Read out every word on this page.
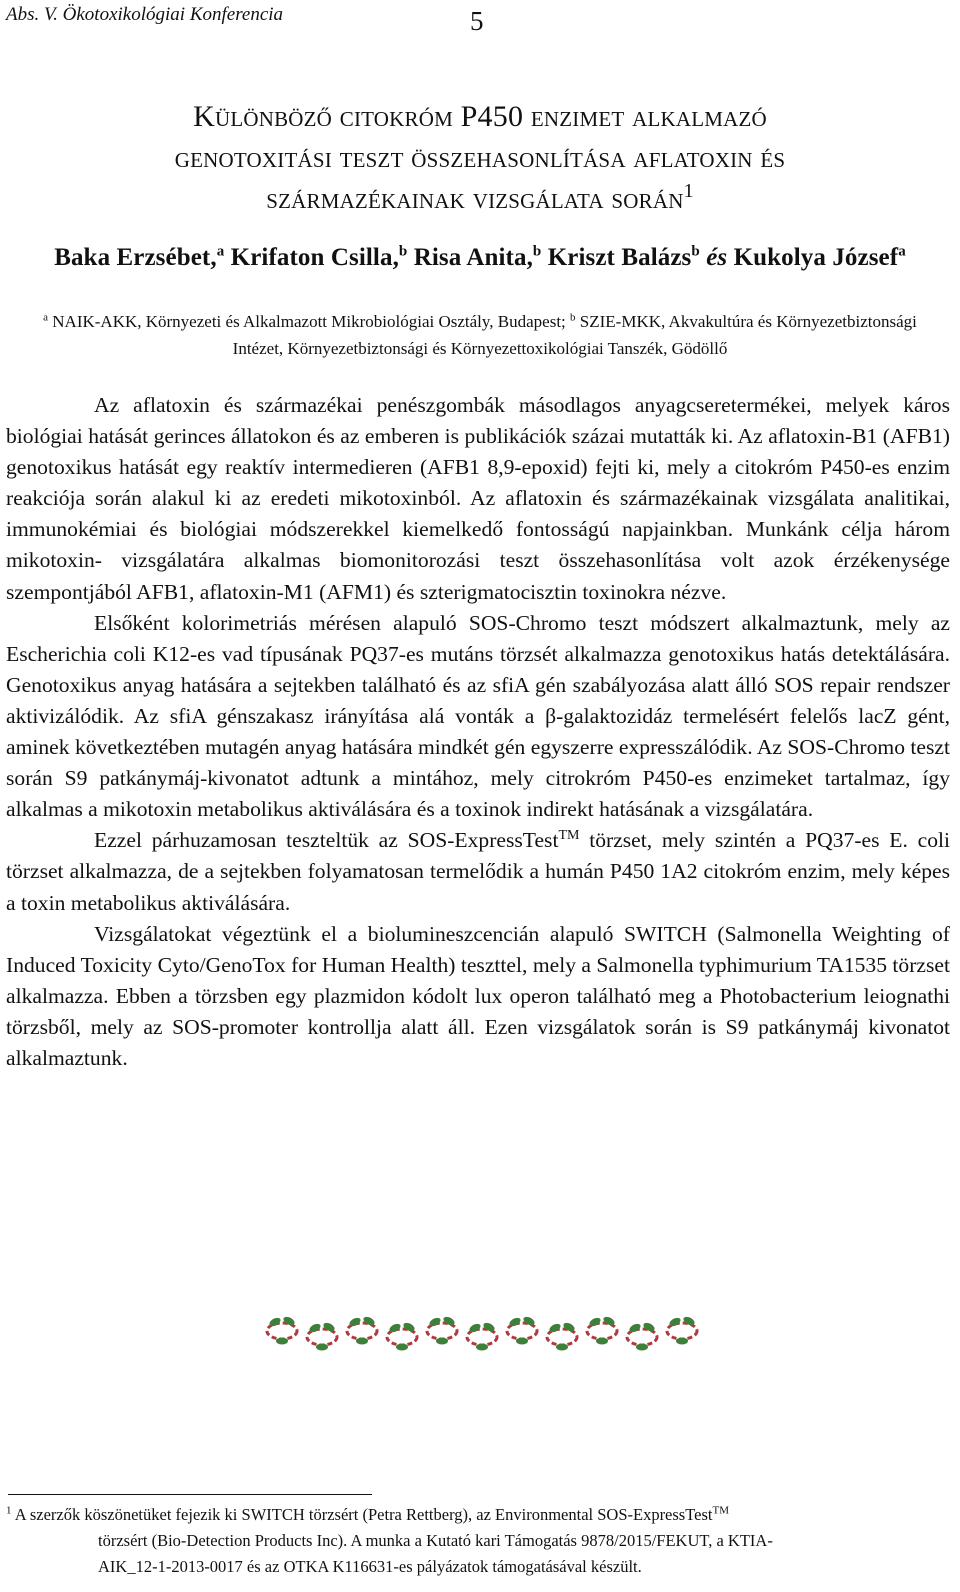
Abs. V. Ökotoxikológiai Konferencia	5
Különböző citokróm P450 enzimet alkalmazó
genotoxitási teszt összehasonlítása aflatoxin és
származékainak vizsgálata során$^1$
Baka Erzsébet,$^a$ Krifaton Csilla,$^b$ Risa Anita,$^b$ Kriszt Balázs$^b$ és Kukolya József$^a$
$^a$ NAIK-AKK, Környezeti és Alkalmazott Mikrobiológiai Osztály, Budapest; $^b$ SZIE-MKK, Akvakultúra és Környezetbiztonsági Intézet, Környezetbiztonsági és Környezettoxikológiai Tanszék, Gödöllő

Az aflatoxin és származékai penészgombák másodlagos anyagcseretermékei, melyek káros biológiai hatását gerinces állatokon és az emberen is publikációk százai mutatták ki. Az aflatoxin-B1 (AFB1) genotoxikus hatását egy reaktív intermedieren (AFB1 8,9-epoxid) fejti ki, mely a citokróm P450-es enzim reakciója során alakul ki az eredeti mikotoxinból. Az aflatoxin és származékainak vizsgálata analitikai, immunokémiai és biológiai módszerekkel kiemelkedő fontosságú napjainkban. Munkánk célja három mikotoxin- vizsgálatára alkalmas biomonitorozási teszt összehasonlítása volt azok érzékenysége szempontjából AFB1, aflatoxin-M1 (AFM1) és szterigmatocisztin toxinokra nézve.

Elsőként kolorimetriás mérésen alapuló SOS-Chromo teszt módszert alkalmaztunk, mely az Escherichia coli K12-es vad típusának PQ37-es mutáns törzsét alkalmazza genotoxikus hatás detektálására. Genotoxikus anyag hatására a sejtekben található és az sfiA gén szabályozása alatt álló SOS repair rendszer aktivizálódik. Az sfiA génszakasz irányítása alá vonták a β-galaktozidáz termelésért felelős lacZ gént, aminek következtében mutagén anyag hatására mindkét gén egyszerre expresszálódik. Az SOS-Chromo teszt során S9 patkánymáj-kivonatot adtunk a mintához, mely citrokróm P450-es enzimeket tartalmaz, így alkalmas a mikotoxin metabolikus aktiválására és a toxinok indirekt hatásának a vizsgálatára.

Ezzel párhuzamosan teszteltük az SOS-ExpressTest™ törzset, mely szintén a PQ37-es E. coli törzset alkalmazza, de a sejtekben folyamatosan termelődik a humán P450 1A2 citokróm enzim, mely képes a toxin metabolikus aktiválására.

Vizsgálatokat végeztünk el a biolumineszcencián alapuló SWITCH (Salmonella Weighting of Induced Toxicity Cyto/GenoTox for Human Health) teszttel, mely a Salmonella typhimurium TA1535 törzset alkalmazza. Ebben a törzsben egy plazmidon kódolt lux operon található meg a Photobacterium leiognathi törzsből, mely az SOS-promoter kontrollja alatt áll. Ezen vizsgálatok során is S9 patkánymáj kivonatot alkalmaztunk.

$^1$ A szerzők köszönetüket fejezik ki SWITCH törzsért (Petra Rettberg), az Environmental SOS-ExpressTest™
törzsért (Bio-Detection Products Inc). A munka a Kutató kari Támogatás 9878/2015/FEKUT, a KTIA-
AIK_12-1-2013-0017 és az OTKA K116631-es pályázatok támogatásával készült.
